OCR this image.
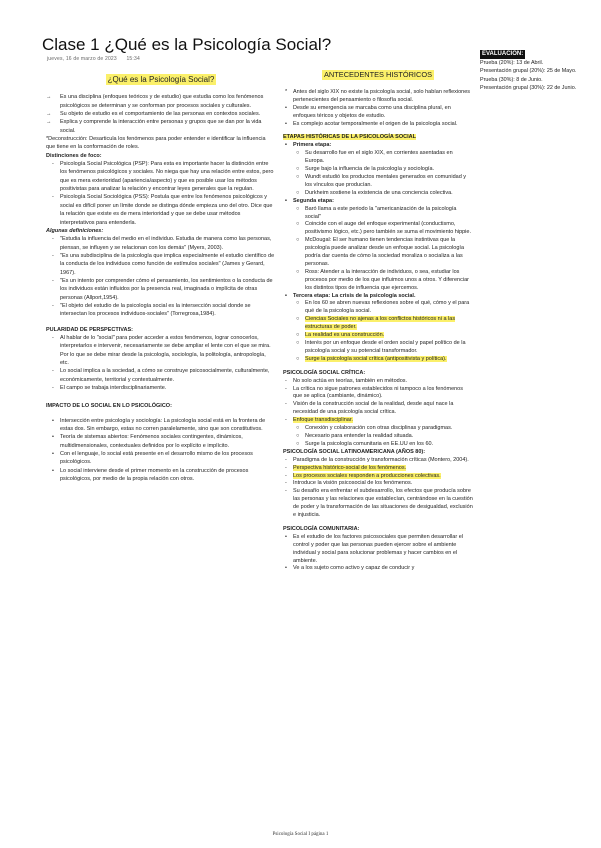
Clase 1 ¿Qué es la Psicología Social?
jueves, 16 de marzo de 2023 15:34
EVALUACIÓN:
Prueba (20%): 13 de Abril.
Presentación grupal (20%): 25 de Mayo.
Prueba (30%): 8 de Junio.
Presentación grupal (30%): 22 de Junio.
¿Qué es la Psicología Social?
→ Es una disciplina (enfoques teóricos y de estudio) que estudia como los fenómenos psicológicos se determinan y se conforman por procesos sociales y culturales.
→ Su objeto de estudio es el comportamiento de las personas en contextos sociales.
→ Explica y comprende la interacción entre personas y grupos que se dan por la vida social.
*Deconstrucción: Desarticula los fenómenos para poder entender e identificar la influencia que tiene en la conformación de roles.
Distinciones de foco:
- Psicología Social Psicológica (PSP): Para esta es importante hacer la distinción entre los fenómenos psicológicos y sociales. No niega que hay una relación entre estos, pero que es mera exterioridad (apariencia/aspecto) y que es posible usar los métodos positivistas para analizar la relación y encontrar leyes generales que la regulan.
- Psicología Social Sociológica (PSS): Postula que entre los fenómenos psicológicos y social es difícil poner un límite donde se distinga dónde empieza uno del otro. Dice que la relación que existe es de mera interioridad y que se debe usar métodos interpretativos para entenderla.
Algunas definiciones:
- "Estudia la influencia del medio en el individuo. Estudia de manera como las personas, piensan, se influyen y se relacionan con los demás" (Myers, 2003).
- "Es una subdisciplina de la psicología que implica especialmente el estudio científico de la conducta de los individuos como función de estímulos sociales" (James y Gerard, 1967).
- "Es un intento por comprender cómo el pensamiento, los sentimientos o la conducta de los individuos están influidos por la presencia real, imaginada o implícita de otras personas (Allport,1954).
- "El objeto del estudio de la psicología social es la intersección social donde se intersectan los procesos individuos-sociales" (Torregrosa,1984).
PULARIDAD DE PERSPECTIVAS:
- Al hablar de lo "social" para poder acceder a estos fenómenos, lograr conocerlos, interpretarlos e intervenir, necesariamente se debe ampliar el lente con el que se mira. Por lo que se debe mirar desde la psicología, sociología, la politología, antropología, etc.
- Lo social implica a la sociedad, a cómo se construye psicosocialmente, culturalmente, económicamente, territorial y contextualmente.
- El campo se trabaja interdisciplinariamente.
IMPACTO DE LO SOCIAL EN LO PSICOLÓGICO:
• Intersección entre psicología y sociología: La psicología social está en la frontera de estas dos. Sin embargo, estas no corren paralelamente, sino que son constitutivos.
• Teoría de sistemas abiertos: Fenómenos sociales contingentes, dinámicos, multidimensionales, contextuales definidos por lo explícito e implícito.
• Con el lenguaje, lo social está presente en el desarrollo mismo de los procesos psicológicos.
• Lo social interviene desde el primer momento en la construcción de procesos psicológicos, por medio de la propia relación con otros.
ANTECEDENTES HISTÓRICOS
* Antes del siglo XIX no existe la psicología social, solo habían reflexiones pertenecientes del pensamiento o filosofía social.
• Desde su emergencia se marcaba como una disciplina plural, en enfoques téricos y objetos de estudio.
• Es complejo acotar temporalmente el origen de la psicología social.
ETAPAS HISTÓRICAS DE LA PSICOLOGÍA SOCIAL
• Primera etapa:
○ Su desarrollo fue en el siglo XIX, en corrientes asentadas en Europa.
○ Surge bajo la influencia de la psicología y sociología.
○ Wundt estudió los productos mentales generados en comunidad y los vínculos que producían.
○ Durkheim sostiene la existencia de una conciencia colectiva.
• Segunda etapa:
○ Baró llama a este periodo la "americanización de la psicología social"
○ Coincide con el auge del enfoque experimental (conductismo, positivismo lógico, etc.) pero también se suma el movimiento hippie.
○ McDougal: El ser humano tienen tendencias instintivas que la psicología puede analizar desde un enfoque social. La psicología podría dar cuenta de cómo la sociedad moraliza o socializa a las personas.
○ Ross: Atender a la interacción de individuos, o sea, estudiar los procesos por medio de los que influimos unos a otros. Y diferenciar los distintos tipos de influencia que ejercemos.
• Tercera etapa: La crisis de la psicología social.
○ En los 60 se abren nuevas reflexiones sobre el qué, cómo y el para qué de la psicología social.
○ Ciencias Sociales no ajenas a los conflictos históricos ni a las estructuras de poder.
○ La realidad es una construcción.
○ Interés por un enfoque desde el orden social y papel político de la psicología social y su potencial transformador.
○ Surge la psicología social crítica (antipositivista y política).
PSICOLOGÍA SOCIAL CRÍTICA:
- No solo actúa en teorías, también en métodos.
- La crítica no sigue patrones establecidos ni tampoco a los fenómenos que se aplica (cambiante, dinámico).
- Visión de la construcción social de la realidad, desde aquí nace la necesidad de una psicología social crítica.
- Enfoque transdisciplinar.
○ Conexión y colaboración con otras disciplinas y paradigmas.
○ Necesario para entender la realidad situada.
○ Surge la psicología comunitaria en EE.UU en los 60.
PSICOLOGÍA SOCIAL LATINOAMERICANA (AÑOS 80):
- Paradigma de la construcción y transformación críticas (Montero, 2004).
- Perspectiva histórico-social de los fenómenos.
- Los procesos sociales responden a producciones colectivas.
- Introduce la visión psicosocial de los fenómenos.
- Su desafío era enfrentar el subdesarrollo, los efectos que producía sobre las personas y las relaciones que establecían, centrándose en la cuestión de poder y la transformación de las situaciones de desigualdad, exclusión e injusticia.
PSICOLOGÍA COMUNITARIA:
• Es el estudio de los factores psicosociales que permiten desarrollar el control y poder que las personas pueden ejercer sobre el ambiente individual y social para solucionar problemas y hacer cambios en el ambiente.
• Ve a los sujeto como activo y capaz de conducir y
Psicología Social I página 1
